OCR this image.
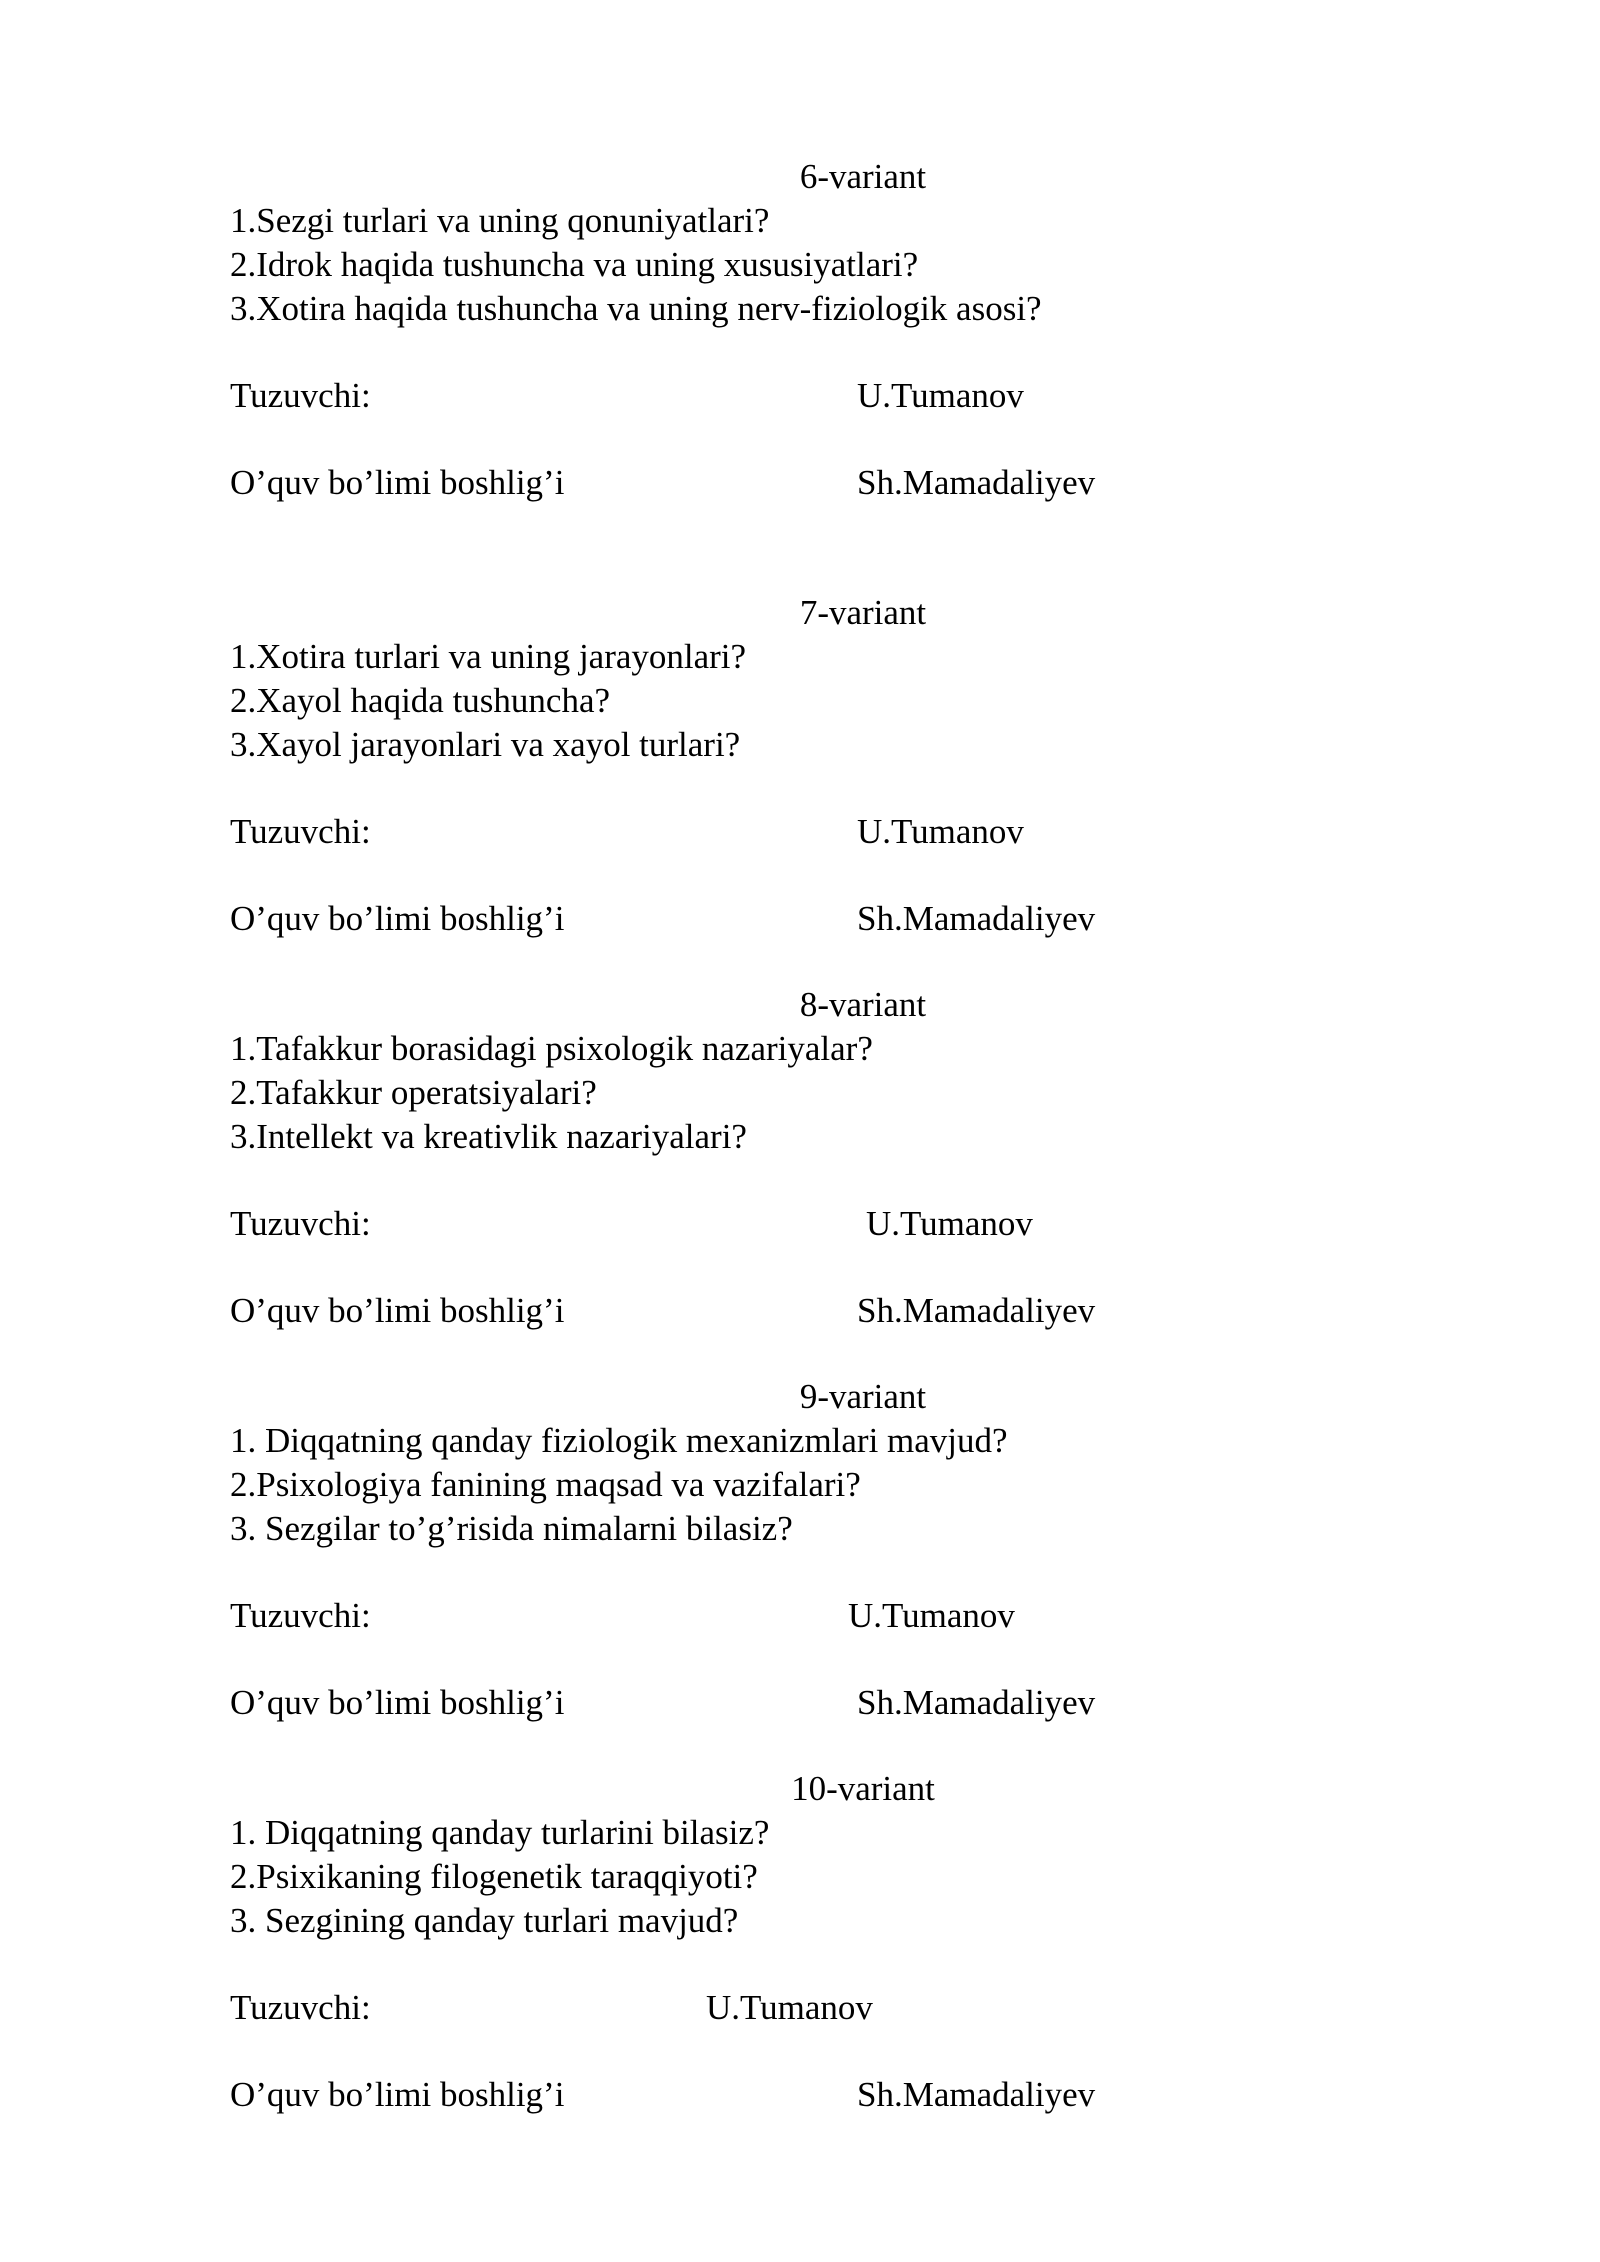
6-variant
1.Sezgi turlari va uning qonuniyatlari?
2.Idrok haqida tushuncha va uning xususiyatlari?
3.Xotira haqida tushuncha va uning nerv-fiziologik asosi?
Tuzuvchi:	U.Tumanov
O’quv bo’limi boshlig’i	Sh.Mamadaliyev
7-variant
1.Xotira turlari va uning jarayonlari?
2.Xayol haqida tushuncha?
3.Xayol jarayonlari va xayol turlari?
Tuzuvchi:	U.Tumanov
O’quv bo’limi boshlig’i	Sh.Mamadaliyev
8-variant
1.Tafakkur borasidagi psixologik nazariyalar?
2.Tafakkur operatsiyalari?
3.Intellekt va kreativlik nazariyalari?
Tuzuvchi:	U.Tumanov
O’quv bo’limi boshlig’i	Sh.Mamadaliyev
9-variant
1. Diqqatning qanday fiziologik mexanizmlari mavjud?
2.Psixologiya fanining maqsad va vazifalari?
3. Sezgilar to’g’risida nimalarni bilasiz?
Tuzuvchi:	U.Tumanov
O’quv bo’limi boshlig’i	Sh.Mamadaliyev
10-variant
1. Diqqatning qanday turlarini bilasiz?
2.Psixikaning filogenetik taraqqiyoti?
3. Sezgining qanday turlari mavjud?
Tuzuvchi:	U.Tumanov
O’quv bo’limi boshlig’i	Sh.Mamadaliyev
